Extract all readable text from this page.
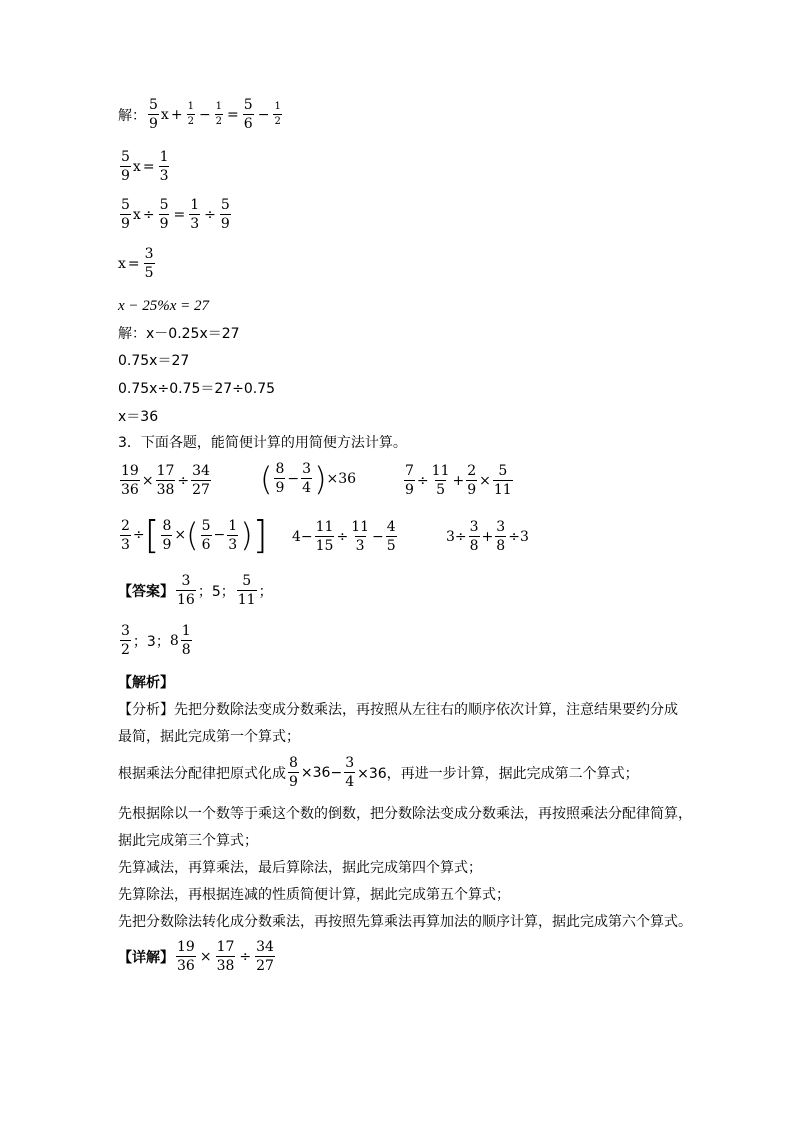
解： $\frac{5}{9}$ $x + \frac{1}{2} - \frac{1}{2} = \frac{5}{6} - \frac{1}{2}$
$\frac{5}{9}$ $x = \frac{1}{3}$
$\frac{5}{9}$ $x \div \frac{5}{9} = \frac{1}{3} \div \frac{5}{9}$
$x = \frac{3}{5}$
x − 25%x = 27
解：x－0.25x＝27
0.75x＝27
0.75x÷0.75＝27÷0.75
x＝36
3．下面各题，能简便计算的用简便方法计算。
$\frac{19}{36} \times \frac{17}{38} \div \frac{34}{27}$ ( $\frac{8}{9} - \frac{3}{4}$ ) ×36	$\frac{7}{9} \div \frac{11}{5} + \frac{2}{9} \times \frac{5}{11}$
$\frac{2}{3}$ ÷ [ $\frac{8}{9}$ × ( $\frac{5}{6} - \frac{1}{3}$ ) ] $4- \frac{11}{15} \div \frac{11}{3} - \frac{4}{5}$	$3\div \frac{3}{8} + \frac{3}{8} \div 3$
【答案】 $\frac{3}{16}$ ；5； $\frac{5}{11}$ ；
$\frac{3}{2}$ ；3； $8 \frac{1}{8}$
【解析】
【分析】先把分数除法变成分数乘法，再按照从左往右的顺序依次计算，注意结果要约分成
最简，据此完成第一个算式；
根据乘法分配律把原式化成 $\frac{8}{9} \times 36- \frac{3}{4} \times 36$，再进一步计算，据此完成第二个算式；
先根据除以一个数等于乘这个数的倒数，把分数除法变成分数乘法，再按照乘法分配律简算，
据此完成第三个算式；
先算减法，再算乘法，最后算除法，据此完成第四个算式；
先算除法，再根据连减的性质简便计算，据此完成第五个算式；
先把分数除法转化成分数乘法，再按照先算乘法再算加法的顺序计算，据此完成第六个算式。
【详解】 $\frac{19}{36} \times \frac{17}{38} \div \frac{34}{27}$
